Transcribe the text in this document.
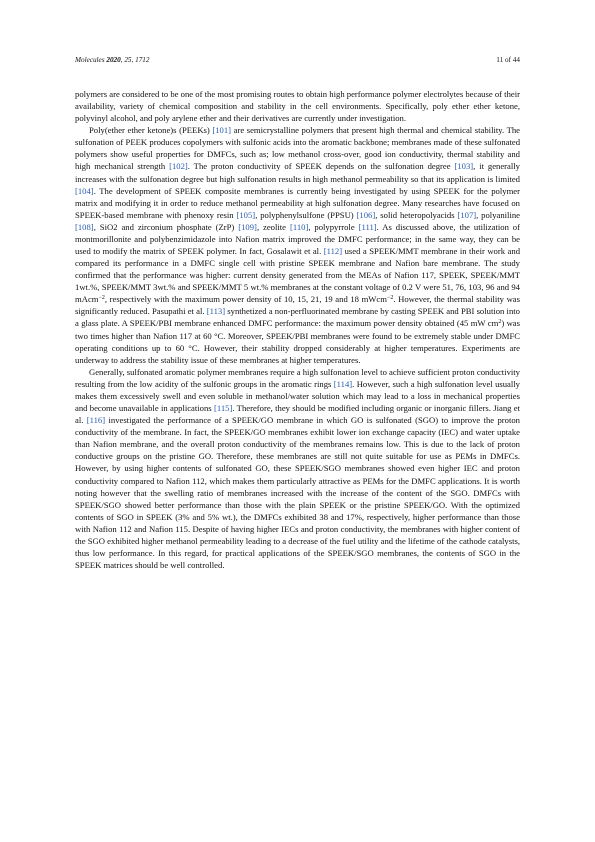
Molecules 2020, 25, 1712	11 of 44

polymers are considered to be one of the most promising routes to obtain high performance polymer electrolytes because of their availability, variety of chemical composition and stability in the cell environments. Specifically, poly ether ether ketone, polyvinyl alcohol, and poly arylene ether and their derivatives are currently under investigation.

Poly(ether ether ketone)s (PEEKs) [101] are semicrystalline polymers that present high thermal and chemical stability. The sulfonation of PEEK produces copolymers with sulfonic acids into the aromatic backbone; membranes made of these sulfonated polymers show useful properties for DMFCs, such as; low methanol cross-over, good ion conductivity, thermal stability and high mechanical strength [102]. The proton conductivity of SPEEK depends on the sulfonation degree [103], it generally increases with the sulfonation degree but high sulfonation results in high methanol permeability so that its application is limited [104]. The development of SPEEK composite membranes is currently being investigated by using SPEEK for the polymer matrix and modifying it in order to reduce methanol permeability at high sulfonation degree. Many researches have focused on SPEEK-based membrane with phenoxy resin [105], polyphenylsulfone (PPSU) [106], solid heteropolyacids [107], polyaniline [108], SiO2 and zirconium phosphate (ZrP) [109], zeolite [110], polypyrrole [111]. As discussed above, the utilization of montmorillonite and polybenzimidazole into Nafion matrix improved the DMFC performance; in the same way, they can be used to modify the matrix of SPEEK polymer. In fact, Gosalawit et al. [112] used a SPEEK/MMT membrane in their work and compared its performance in a DMFC single cell with pristine SPEEK membrane and Nafion bare membrane. The study confirmed that the performance was higher: current density generated from the MEAs of Nafion 117, SPEEK, SPEEK/MMT 1wt.%, SPEEK/MMT 3wt.% and SPEEK/MMT 5 wt.% membranes at the constant voltage of 0.2 V were 51, 76, 103, 96 and 94 mAcm$^{-2}$, respectively with the maximum power density of 10, 15, 21, 19 and 18 mWcm$^{-2}$. However, the thermal stability was significantly reduced. Pasupathi et al. [113] synthetized a non-perfluorinated membrane by casting SPEEK and PBI solution into a glass plate. A SPEEK/PBI membrane enhanced DMFC performance: the maximum power density obtained (45 mW $cm^2$) was two times higher than Nafion 117 at 60 °C. Moreover, SPEEK/PBI membranes were found to be extremely stable under DMFC operating conditions up to 60 °C. However, their stability dropped considerably at higher temperatures. Experiments are underway to address the stability issue of these membranes at higher temperatures.

Generally, sulfonated aromatic polymer membranes require a high sulfonation level to achieve sufficient proton conductivity resulting from the low acidity of the sulfonic groups in the aromatic rings [114]. However, such a high sulfonation level usually makes them excessively swell and even soluble in methanol/water solution which may lead to a loss in mechanical properties and become unavailable in applications [115]. Therefore, they should be modified including organic or inorganic fillers. Jiang et al. [116] investigated the performance of a SPEEK/GO membrane in which GO is sulfonated (SGO) to improve the proton conductivity of the membrane. In fact, the SPEEK/GO membranes exhibit lower ion exchange capacity (IEC) and water uptake than Nafion membrane, and the overall proton conductivity of the membranes remains low. This is due to the lack of proton conductive groups on the pristine GO. Therefore, these membranes are still not quite suitable for use as PEMs in DMFCs. However, by using higher contents of sulfonated GO, these SPEEK/SGO membranes showed even higher IEC and proton conductivity compared to Nafion 112, which makes them particularly attractive as PEMs for the DMFC applications. It is worth noting however that the swelling ratio of membranes increased with the increase of the content of the SGO. DMFCs with SPEEK/SGO showed better performance than those with the plain SPEEK or the pristine SPEEK/GO. With the optimized contents of SGO in SPEEK (3% and 5% wt.), the DMFCs exhibited 38 and 17%, respectively, higher performance than those with Nafion 112 and Nafion 115. Despite of having higher IECs and proton conductivity, the membranes with higher content of the SGO exhibited higher methanol permeability leading to a decrease of the fuel utility and the lifetime of the cathode catalysts, thus low performance. In this regard, for practical applications of the SPEEK/SGO membranes, the contents of SGO in the SPEEK matrices should be well controlled.
